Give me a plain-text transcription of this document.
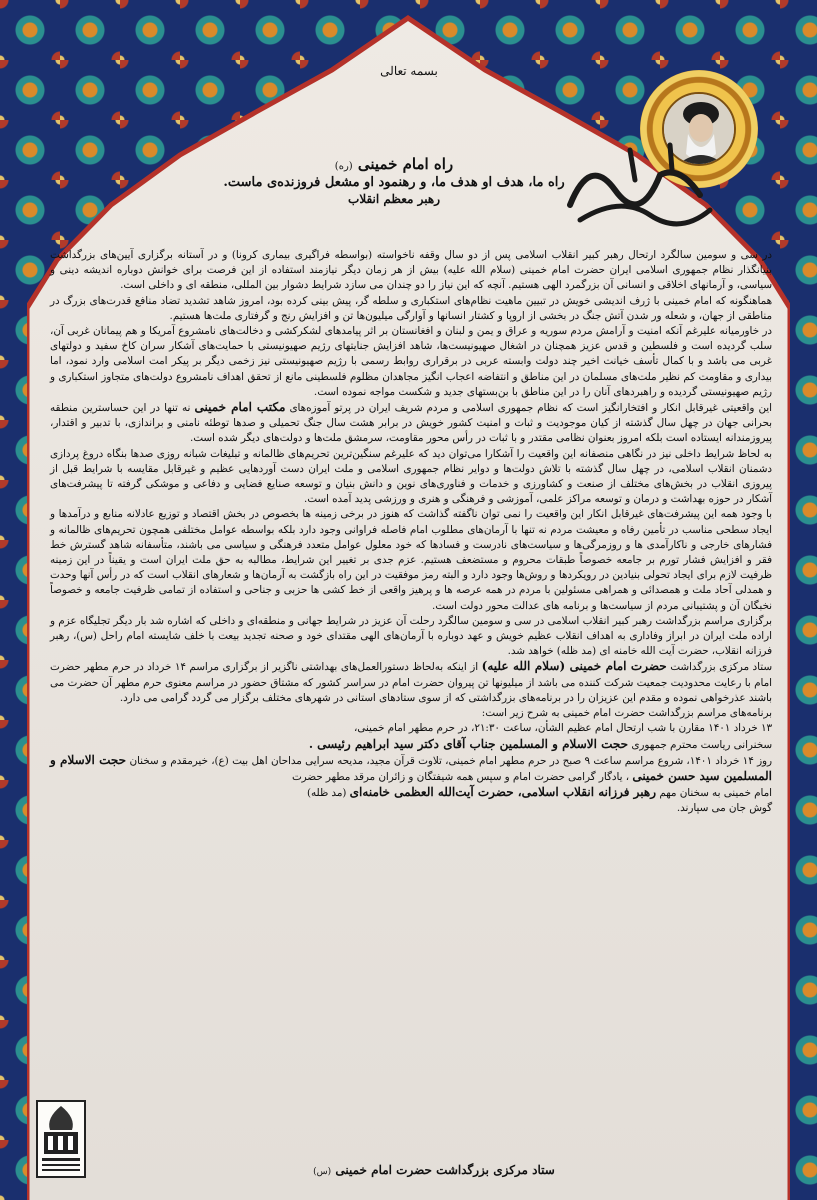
بسمه تعالی
راه امام خمینی (ره)
راه ما، هدف او هدف ما، و رهنمود او مشعل فروزنده‌ی ماست.
رهبر معظم انقلاب

در سی و سومین سالگرد ارتحال رهبر کبیر انقلاب اسلامی پس از دو سال وقفه ناخواسته (بواسطه فراگیری بیماری کرونا) و در آستانه برگزاری آیین‌های بزرگداشت بنیانگذار نظام جمهوری اسلامی ایران حضرت امام خمینی (سلام الله علیه) بیش از هر زمان دیگر نیازمند استفاده از این فرصت برای خوانش دوباره اندیشه دینی و سیاسی، و آرمانهای اخلاقی و انسانی آن بزرگمرد الهی هستیم. آنچه که این نیاز را دو چندان می سازد شرایط دشوار بین المللی، منطقه ای و داخلی است.

هماهنگونه که امام خمینی با ژرف اندیشی خویش در تبیین ماهیت نظام‌های استکباری و سلطه گر، پیش بینی کرده بود، امروز شاهد تشدید تضاد منافع قدرت‌های بزرگ در مناطقی از جهان، و شعله ور شدن آتش جنگ در بخشی از اروپا و کشتار انسانها و آوارگی میلیون‌ها تن و افزایش رنج و گرفتاری ملت‌ها هستیم.

در خاورمیانه علیرغم آنکه امنیت و آرامش مردم سوریه و عراق و یمن و لبنان و افغانستان بر اثر پیامدهای لشکرکشی و دخالت‌های نامشروع آمریکا و هم پیمانان غربی آن، سلب گردیده است و فلسطین و قدس عزیز همچنان در اشغال صهیونیست‌ها، شاهد افزایش جنایتهای رژیم صهیونیستی با حمایت‌های آشکار سران کاخ سفید و دولتهای غربی می باشد و با کمال تأسف خیانت اخیر چند دولت وابسته عربی در برقراری روابط رسمی با رژیم صهیونیستی نیز زخمی دیگر بر پیکر امت اسلامی وارد نمود، اما بیداری و مقاومت کم نظیر ملت‌های مسلمان در این مناطق و انتفاضه اعجاب انگیز مجاهدان مظلوم فلسطینی مانع از تحقق اهداف نامشروع دولت‌های متجاوز استکباری و رژیم صهیونیستی گردیده و راهبردهای آنان را در این مناطق با بن‌بستهای جدید و شکست مواجه نموده است.

این واقعیتی غیرقابل انکار و افتخارانگیز است که نظام جمهوری اسلامی و مردم شریف ایران در پرتو آموزه‌های مکتب امام خمینی نه تنها در این حساسترین منطقه بحرانی جهان در چهل سال گذشته از کیان موجودیت و ثبات و امنیت کشور خویش در برابر هشت سال جنگ تحمیلی و صدها توطئه نامنی و براندازی، با تدبیر و اقتدار، پیروزمندانه ایستاده است بلکه امروز بعنوان نظامی مقتدر و با ثبات در رأس محور مقاومت، سرمشق ملت‌ها و دولت‌های دیگر شده است.

به لحاظ شرایط داخلی نیز در نگاهی منصفانه این واقعیت را آشکارا می‌توان دید که علیرغم سنگین‌ترین تحریم‌های ظالمانه و تبلیغات شبانه روزی صدها بنگاه دروغ پردازی دشمنان انقلاب اسلامی، در چهل سال گذشته با تلاش دولت‌ها و دوایر نظام جمهوری اسلامی و ملت ایران دست آوردهایی عظیم و غیرقابل مقایسه با شرایط قبل از پیروزی انقلاب در بخش‌های مختلف از صنعت و کشاورزی و خدمات و فناوری‌های نوین و دانش بنیان و توسعه صنایع فضایی و دفاعی و موشکی گرفته تا پیشرفت‌های آشکار در حوزه بهداشت و درمان و توسعه مراکز علمی، آموزشی و فرهنگی و هنری و ورزشی پدید آمده است.

با وجود همه این پیشرفت‌های غیرقابل انکار این واقعیت را نمی توان ناگفته گذاشت که هنوز در برخی زمینه ها بخصوص در بخش اقتصاد و توزیع عادلانه منابع و درآمدها و ایجاد سطحی مناسب در تأمین رفاه و معیشت مردم نه تنها با آرمان‌های مطلوب امام فاصله فراوانی وجود دارد بلکه بواسطه عوامل مختلفی همچون تحریم‌های ظالمانه و فشارهای خارجی و ناکارآمدی ها و روزمرگی‌ها و سیاست‌های نادرست و فسادها که خود معلول عوامل متعدد فرهنگی و سیاسی می باشند، متأسفانه شاهد گسترش خط فقر و افزایش فشار تورم بر جامعه خصوصاً طبقات محروم و مستضعف هستیم. عزم جدی بر تغییر این شرایط، مطالبه به حق ملت ایران است و یقیناً در این زمینه ظرفیت لازم برای ایجاد تحولی بنیادین در رویکردها و روش‌ها وجود دارد و البته رمز موفقیت در این راه بازگشت به آرمان‌ها و شعارهای انقلاب است که در رأس آنها وحدت و همدلی آحاد ملت و همصدائی و همراهی مسئولین با مردم در همه عرصه ها و پرهیز واقعی از خط کشی ها حزبی و جناحی و استفاده از تمامی ظرفیت جامعه و خصوصاً نخبگان آن و پشتیبانی مردم از سیاست‌ها و برنامه های عدالت محور دولت است.

برگزاری مراسم بزرگداشت رهبر کبیر انقلاب اسلامی در سی و سومین سالگرد رحلت آن عزیز در شرایط جهانی و منطقه‌ای و داخلی که اشاره شد بار دیگر تجلیگاه عزم و اراده ملت ایران در ابراز وفاداری به اهداف انقلاب عظیم خویش و عهد دوباره با آرمان‌های الهی مقتدای خود و صحنه تجدید بیعت با خلف شایسته امام راحل (س)، رهبر فرزانه انقلاب، حضرت آیت الله خامنه ای (مد ظله) خواهد شد.

ستاد مرکزی بزرگداشت حضرت امام خمینی (سلام الله علیه) از اینکه به‌لحاظ دستورالعمل‌های بهداشتی ناگزیر از برگزاری مراسم ۱۴ خرداد در حرم مطهر حضرت امام با رعایت محدودیت جمعیت شرکت کننده می باشد از میلیونها تن پیروان حضرت امام در سراسر کشور که مشتاق حضور در مراسم معنوی حرم مطهر آن حضرت می باشند عذرخواهی نموده و مقدم این عزیزان را در برنامه‌های بزرگداشتی که از سوی ستادهای استانی در شهرهای مختلف برگزار می گردد گرامی می دارد.

برنامه‌های مراسم بزرگداشت حضرت امام خمینی به شرح زیر است:

۱۳ خرداد ۱۴۰۱ مقارن با شب ارتحال امام عظیم الشأن، ساعت ۲۱:۳۰، در حرم مطهر امام خمینی،

سخنرانی ریاست محترم جمهوری حجت الاسلام و المسلمین جناب آقای دکتر سید ابراهیم رئیسی .

روز ۱۴ خرداد ۱۴۰۱، شروع مراسم ساعت ۹ صبح در حرم مطهر امام خمینی، تلاوت قرآن مجید، مدیحه سرایی مداحان اهل بیت (ع)، خیرمقدم و سخنان حجت الاسلام و المسلمین سید حسن خمینی ، یادگار گرامی حضرت امام و سپس همه شیفتگان و زائران مرقد مطهر حضرت

امام خمینی به سخنان مهم رهبر فرزانه انقلاب اسلامی، حضرت آیت‌الله العظمی خامنه‌ای (مد ظله)

گوش جان می سپارند.

ستاد مرکزی بزرگداشت حضرت امام خمینی (س)
